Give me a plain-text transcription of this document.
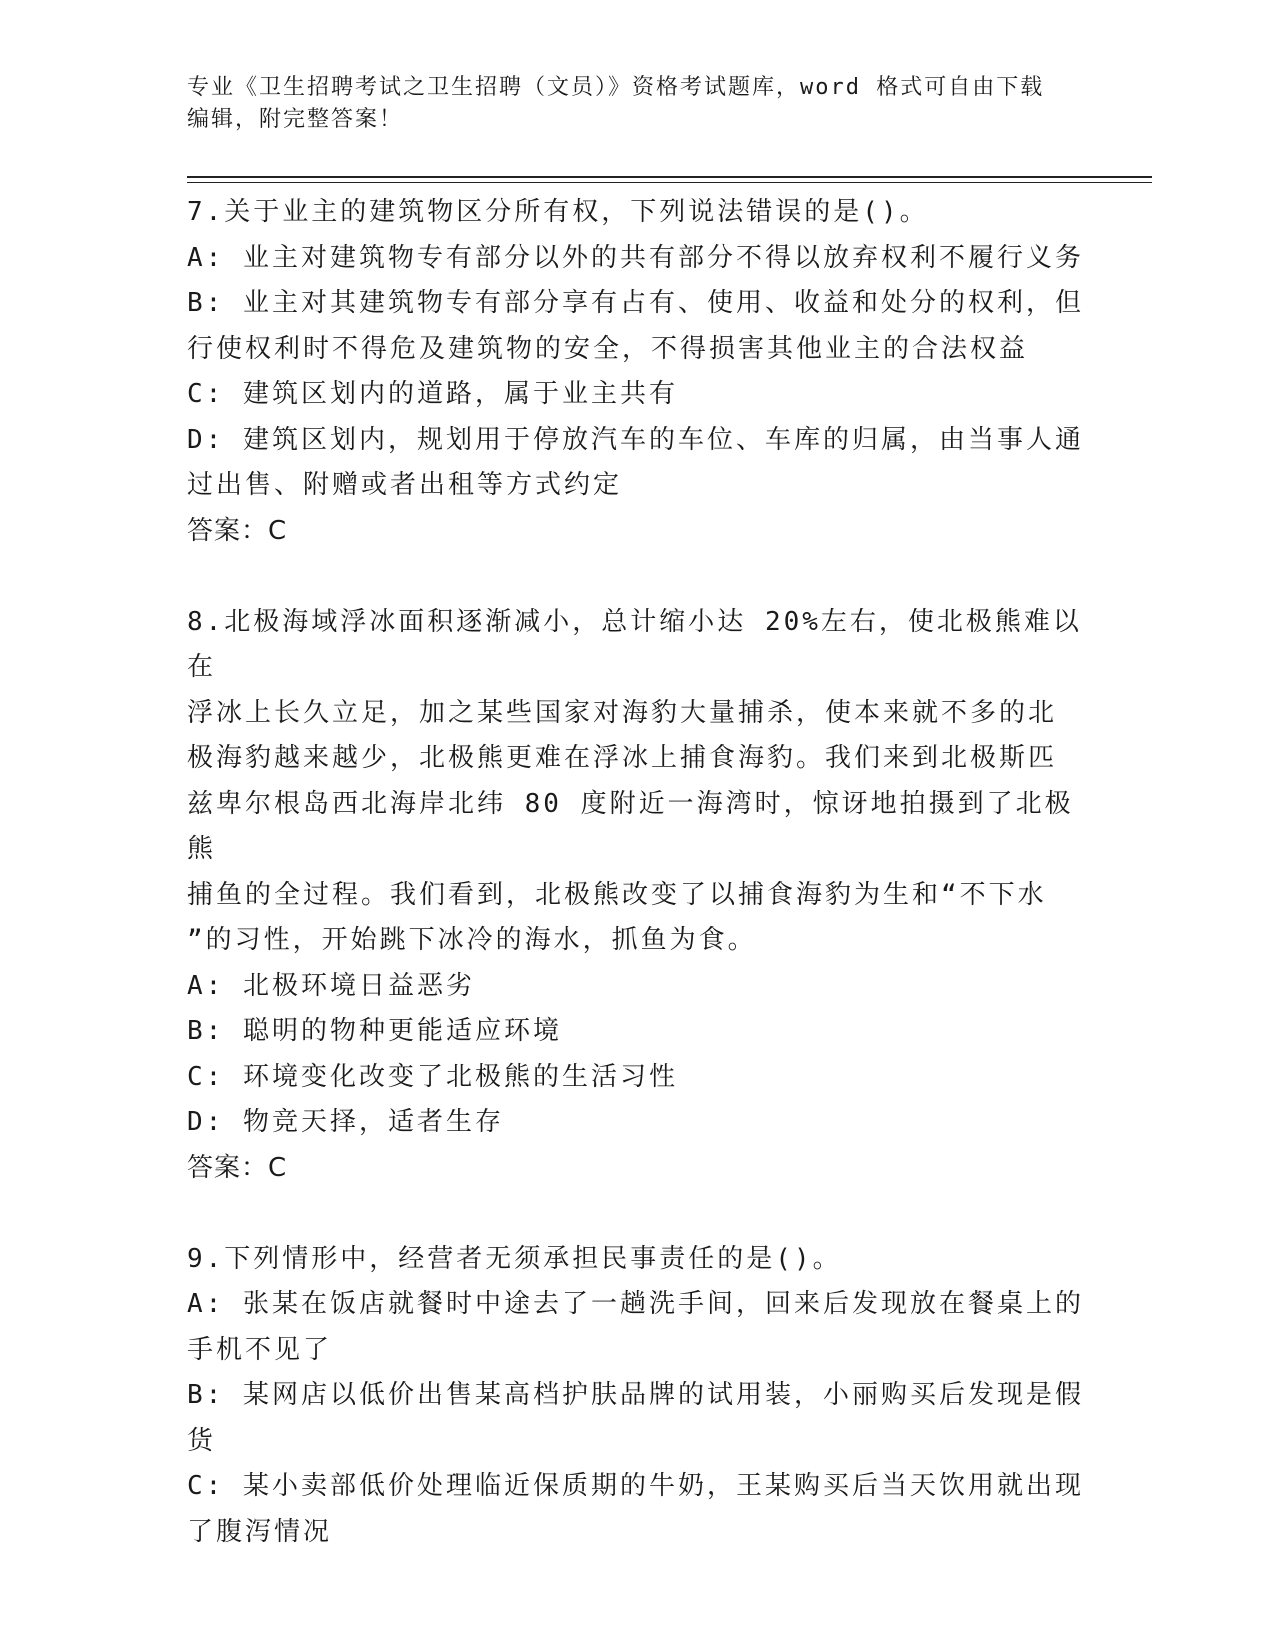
专业《卫生招聘考试之卫生招聘（文员）》资格考试题库，word 格式可自由下载
编辑，附完整答案！
7.关于业主的建筑物区分所有权，下列说法错误的是()。
A: 业主对建筑物专有部分以外的共有部分不得以放弃权利不履行义务
B: 业主对其建筑物专有部分享有占有、使用、收益和处分的权利，但
行使权利时不得危及建筑物的安全，不得损害其他业主的合法权益
C: 建筑区划内的道路，属于业主共有
D: 建筑区划内，规划用于停放汽车的车位、车库的归属，由当事人通
过出售、附赠或者出租等方式约定
答案：C
8.北极海域浮冰面积逐渐减小，总计缩小达 20%左右，使北极熊难以在
浮冰上长久立足，加之某些国家对海豹大量捕杀，使本来就不多的北
极海豹越来越少，北极熊更难在浮冰上捕食海豹。我们来到北极斯匹
兹卑尔根岛西北海岸北纬 80 度附近一海湾时，惊讶地拍摄到了北极熊
捕鱼的全过程。我们看到，北极熊改变了以捕食海豹为生和“不下水
”的习性，开始跳下冰冷的海水，抓鱼为食。
A: 北极环境日益恶劣
B: 聪明的物种更能适应环境
C: 环境变化改变了北极熊的生活习性
D: 物竞天择，适者生存
答案：C
9.下列情形中，经营者无须承担民事责任的是()。
A: 张某在饭店就餐时中途去了一趟洗手间，回来后发现放在餐桌上的
手机不见了
B: 某网店以低价出售某高档护肤品牌的试用装，小丽购买后发现是假
货
C: 某小卖部低价处理临近保质期的牛奶，王某购买后当天饮用就出现
了腹泻情况
